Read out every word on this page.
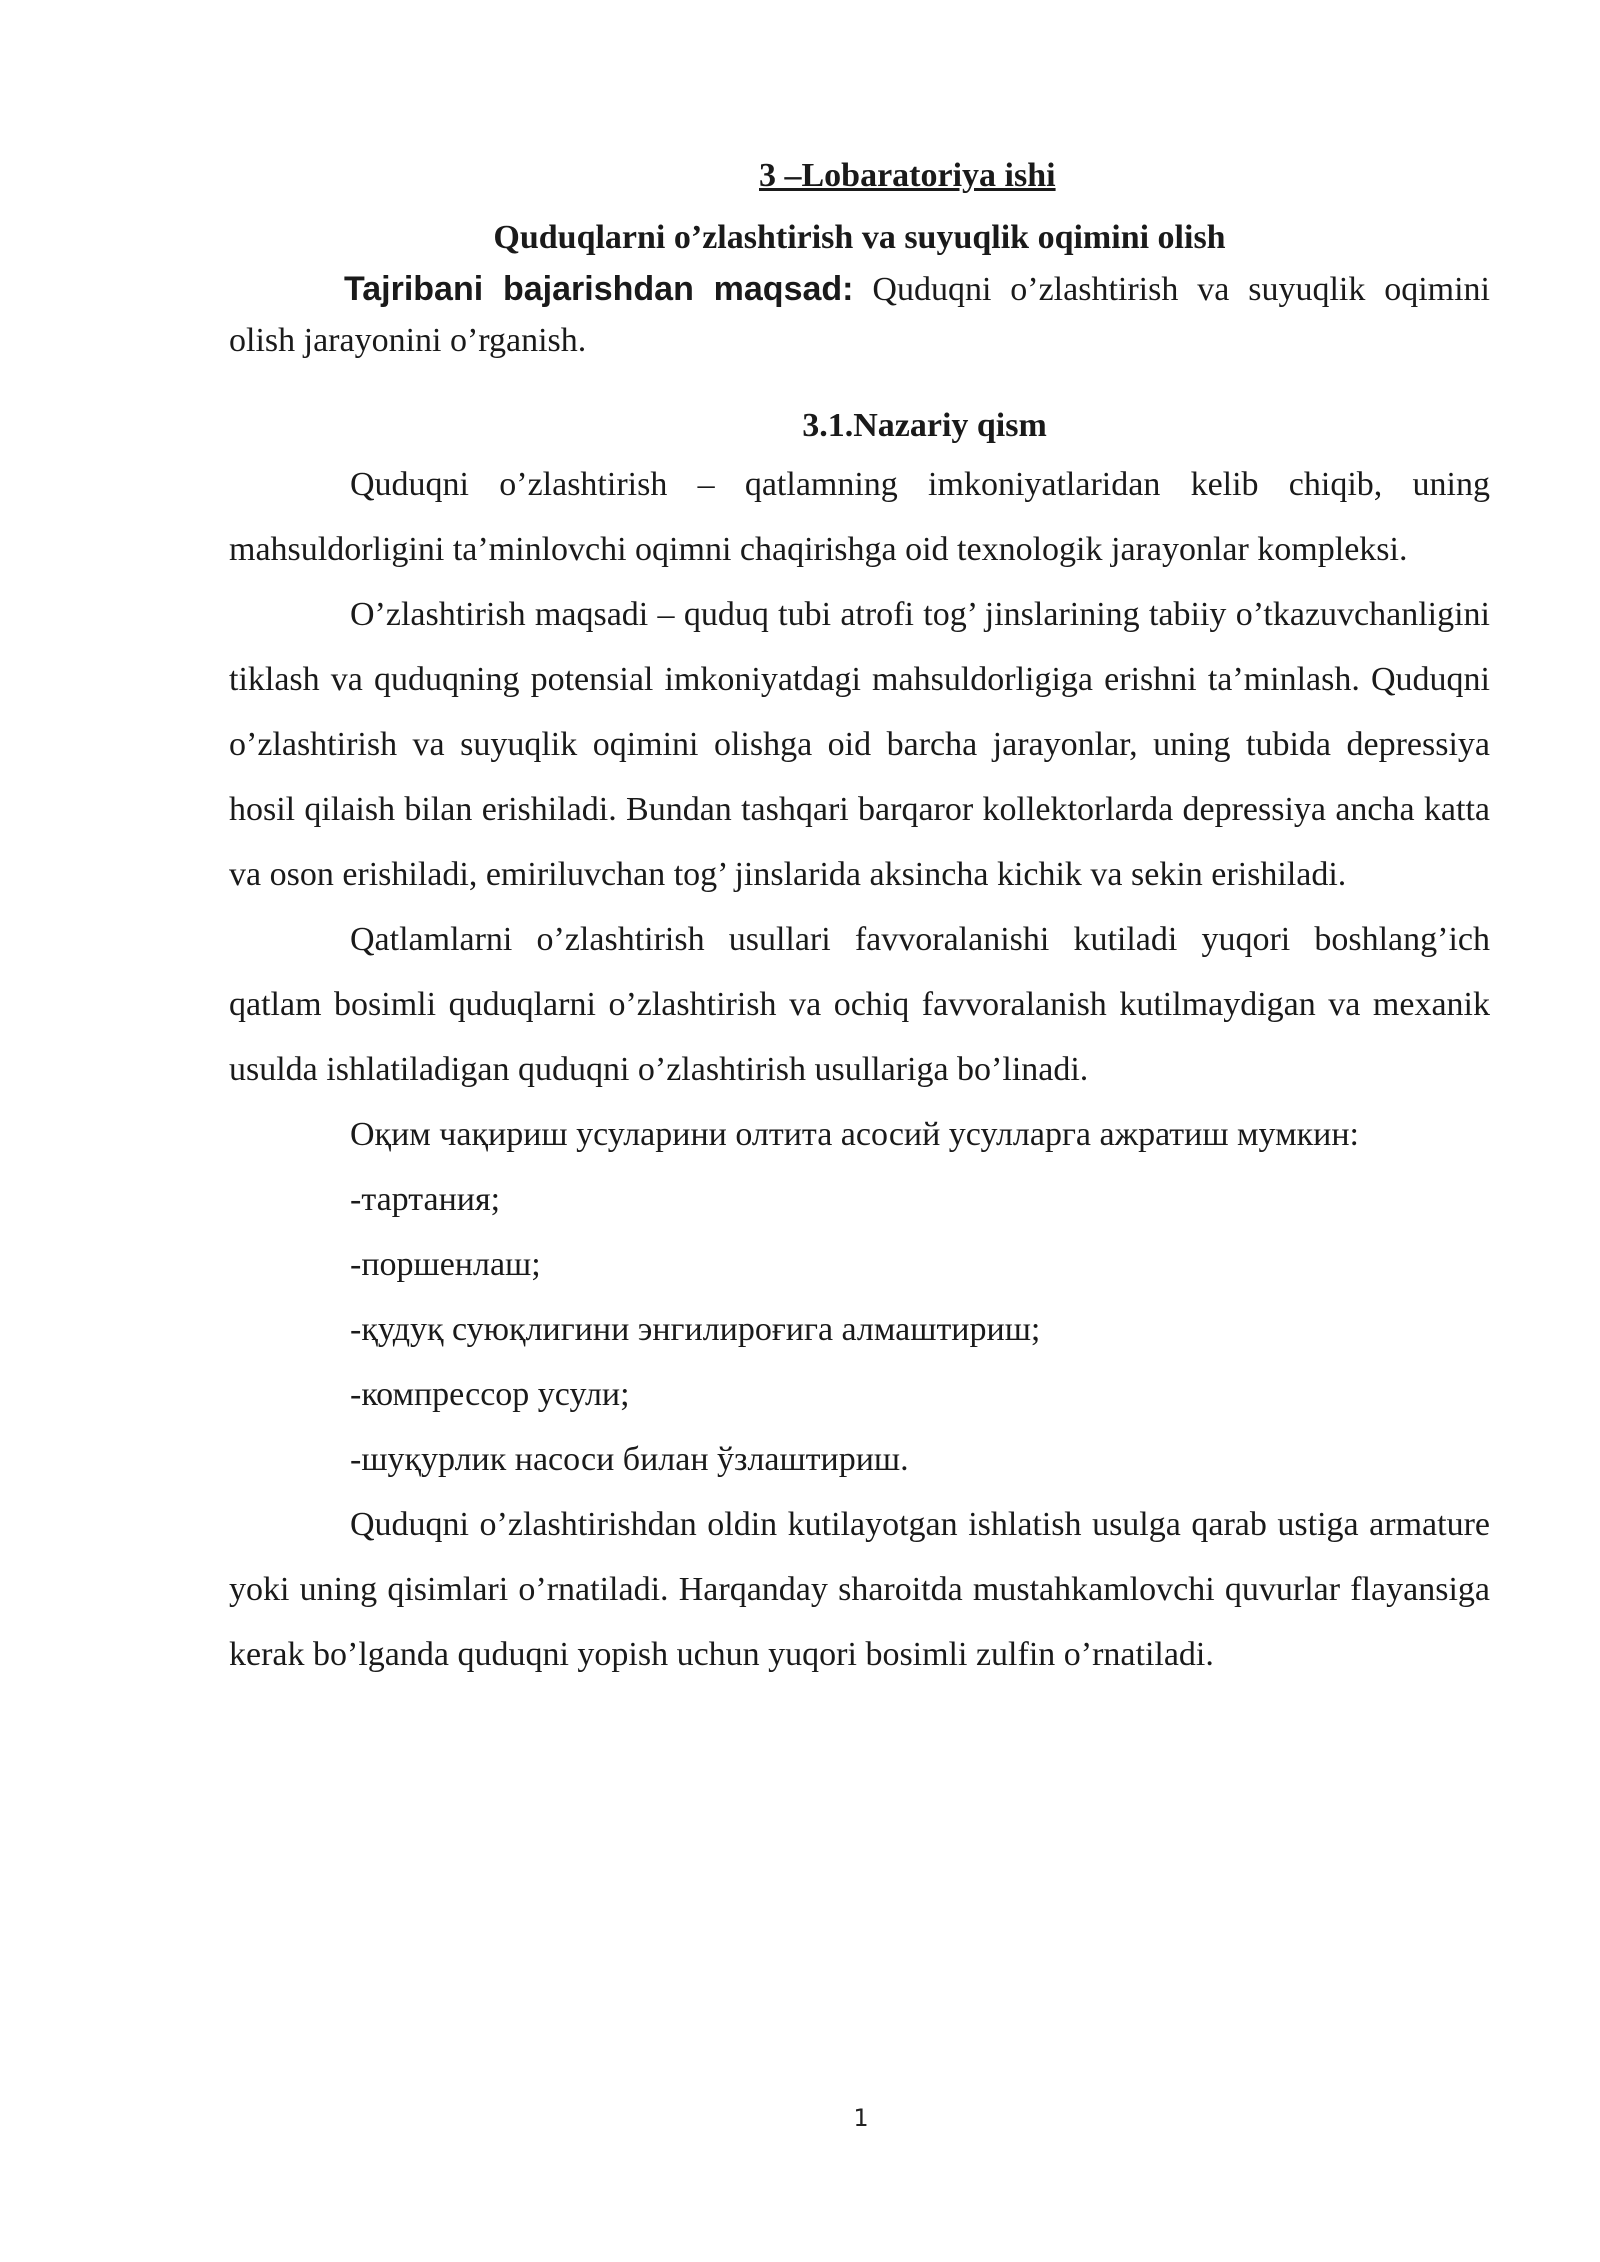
3 –Lobaratoriya ishi
Quduqlarni o’zlashtirish va suyuqlik oqimini olish

Tajribani bajarishdan maqsad: Quduqni o’zlashtirish va suyuqlik oqimini olish jarayonini o’rganish.

3.1.Nazariy qism

Quduqni o’zlashtirish – qatlamning imkoniyatlaridan kelib chiqib, uning mahsuldorligini ta’minlovchi oqimni chaqirishga oid texnologik jarayonlar kompleksi.

O’zlashtirish maqsadi – quduq tubi atrofi tog’ jinslarining tabiiy o’tkazuvchanligini tiklash va quduqning potensial imkoniyatdagi mahsuldorligiga erishni ta’minlash. Quduqni o’zlashtirish va suyuqlik oqimini olishga oid barcha jarayonlar, uning tubida depressiya hosil qilaish bilan erishiladi. Bundan tashqari barqaror kollektorlarda depressiya ancha katta va oson erishiladi, emiriluvchan tog’ jinslarida aksincha kichik va sekin erishiladi.

Qatlamlarni o’zlashtirish usullari favvoralanishi kutiladi yuqori boshlang’ich qatlam bosimli quduqlarni o’zlashtirish va ochiq favvoralanish kutilmaydigan va mexanik usulda ishlatiladigan quduqni o’zlashtirish usullariga bo’linadi.

Оқим чақириш усуларини олтита асосий усулларга ажратиш мумкин:

-тартания;

-поршенлаш;

-қудуқ суюқлигини энгилироғига алмаштириш;

-компрессор усули;

-шуқурлик насоси билан ўзлаштириш.

Quduqni o’zlashtirishdan oldin kutilayotgan ishlatish usulga qarab ustiga armature yoki uning qisimlari o’rnatiladi. Harqanday sharoitda mustahkamlovchi quvurlar flayansiga kerak bo’lganda quduqni yopish uchun yuqori bosimli zulfin o’rnatiladi.

1
